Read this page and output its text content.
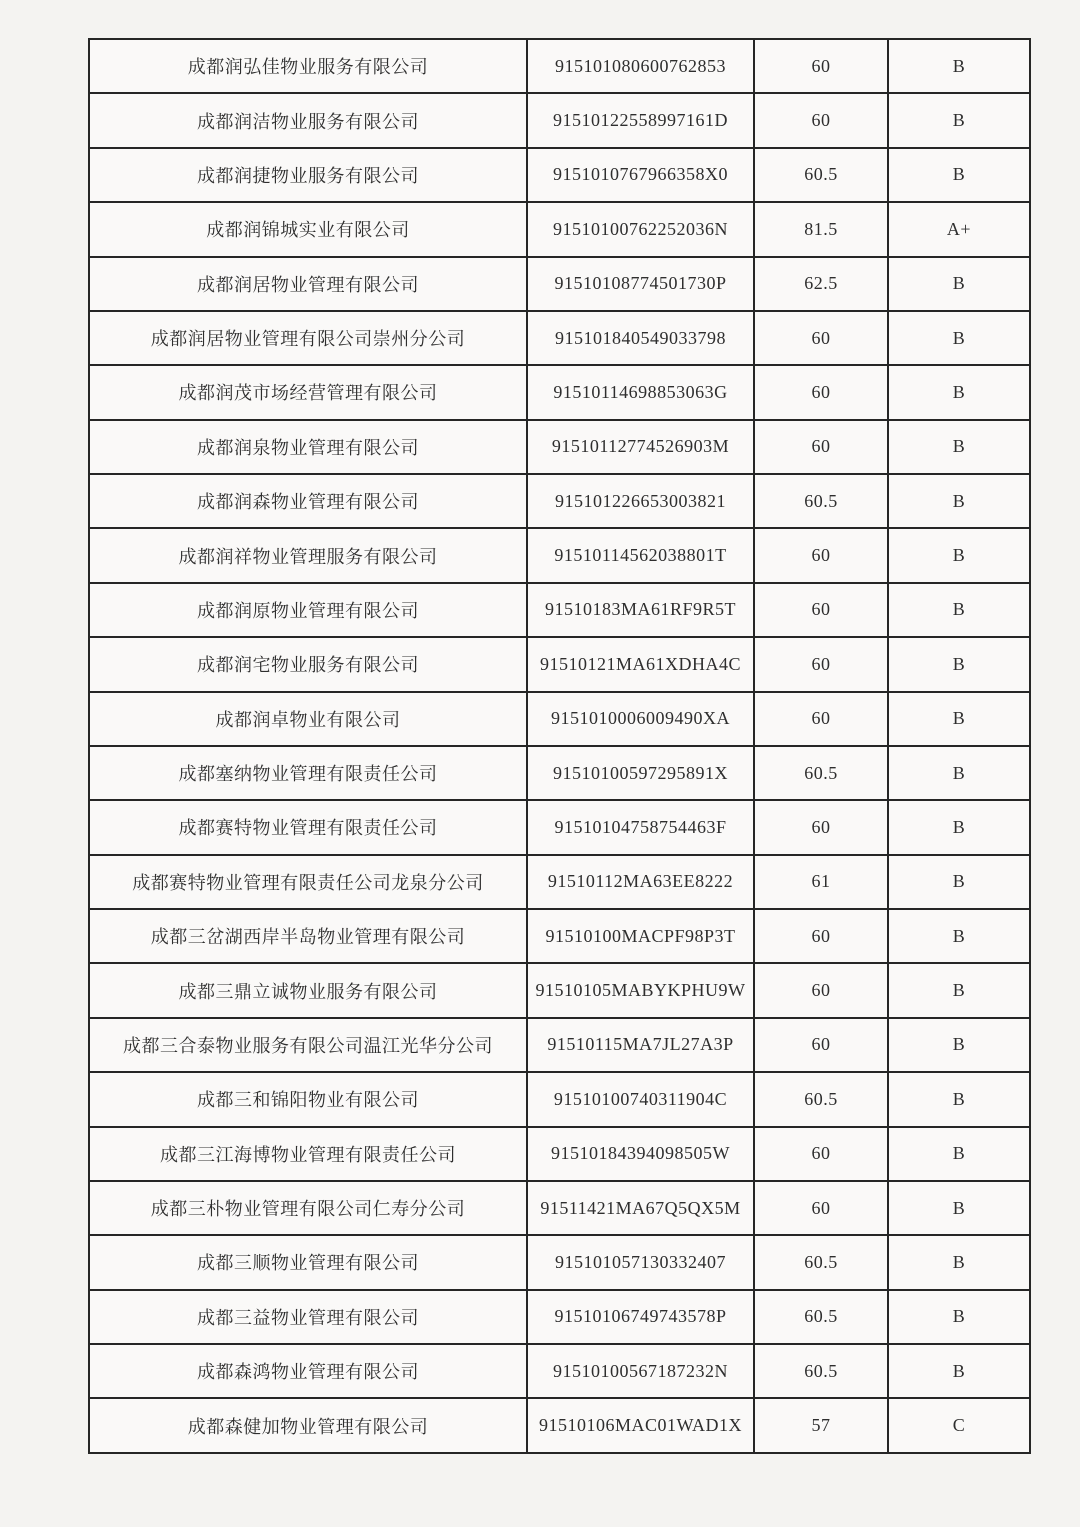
成都润弘佳物业服务有限公司	915101080600762853	60	B
成都润洁物业服务有限公司	91510122558997161D	60	B
成都润捷物业服务有限公司	9151010767966358X0	60.5	B
成都润锦城实业有限公司	91510100762252036N	81.5	A+
成都润居物业管理有限公司	91510108774501730P	62.5	B
成都润居物业管理有限公司崇州分公司	915101840549033798	60	B
成都润茂市场经营管理有限公司	91510114698853063G	60	B
成都润泉物业管理有限公司	91510112774526903M	60	B
成都润森物业管理有限公司	915101226653003821	60.5	B
成都润祥物业管理服务有限公司	91510114562038801T	60	B
成都润原物业管理有限公司	91510183MA61RF9R5T	60	B
成都润宅物业服务有限公司	91510121MA61XDHA4C	60	B
成都润卓物业有限公司	9151010006009490XA	60	B
成都塞纳物业管理有限责任公司	91510100597295891X	60.5	B
成都赛特物业管理有限责任公司	91510104758754463F	60	B
成都赛特物业管理有限责任公司龙泉分公司	91510112MA63EE8222	61	B
成都三岔湖西岸半岛物业管理有限公司	91510100MACPF98P3T	60	B
成都三鼎立诚物业服务有限公司	91510105MABYKPHU9W	60	B
成都三合泰物业服务有限公司温江光华分公司	91510115MA7JL27A3P	60	B
成都三和锦阳物业有限公司	91510100740311904C	60.5	B
成都三江海博物业管理有限责任公司	91510184394098505W	60	B
成都三朴物业管理有限公司仁寿分公司	91511421MA67Q5QX5M	60	B
成都三顺物业管理有限公司	915101057130332407	60.5	B
成都三益物业管理有限公司	91510106749743578P	60.5	B
成都森鸿物业管理有限公司	91510100567187232N	60.5	B
成都森健加物业管理有限公司	91510106MAC01WAD1X	57	C
